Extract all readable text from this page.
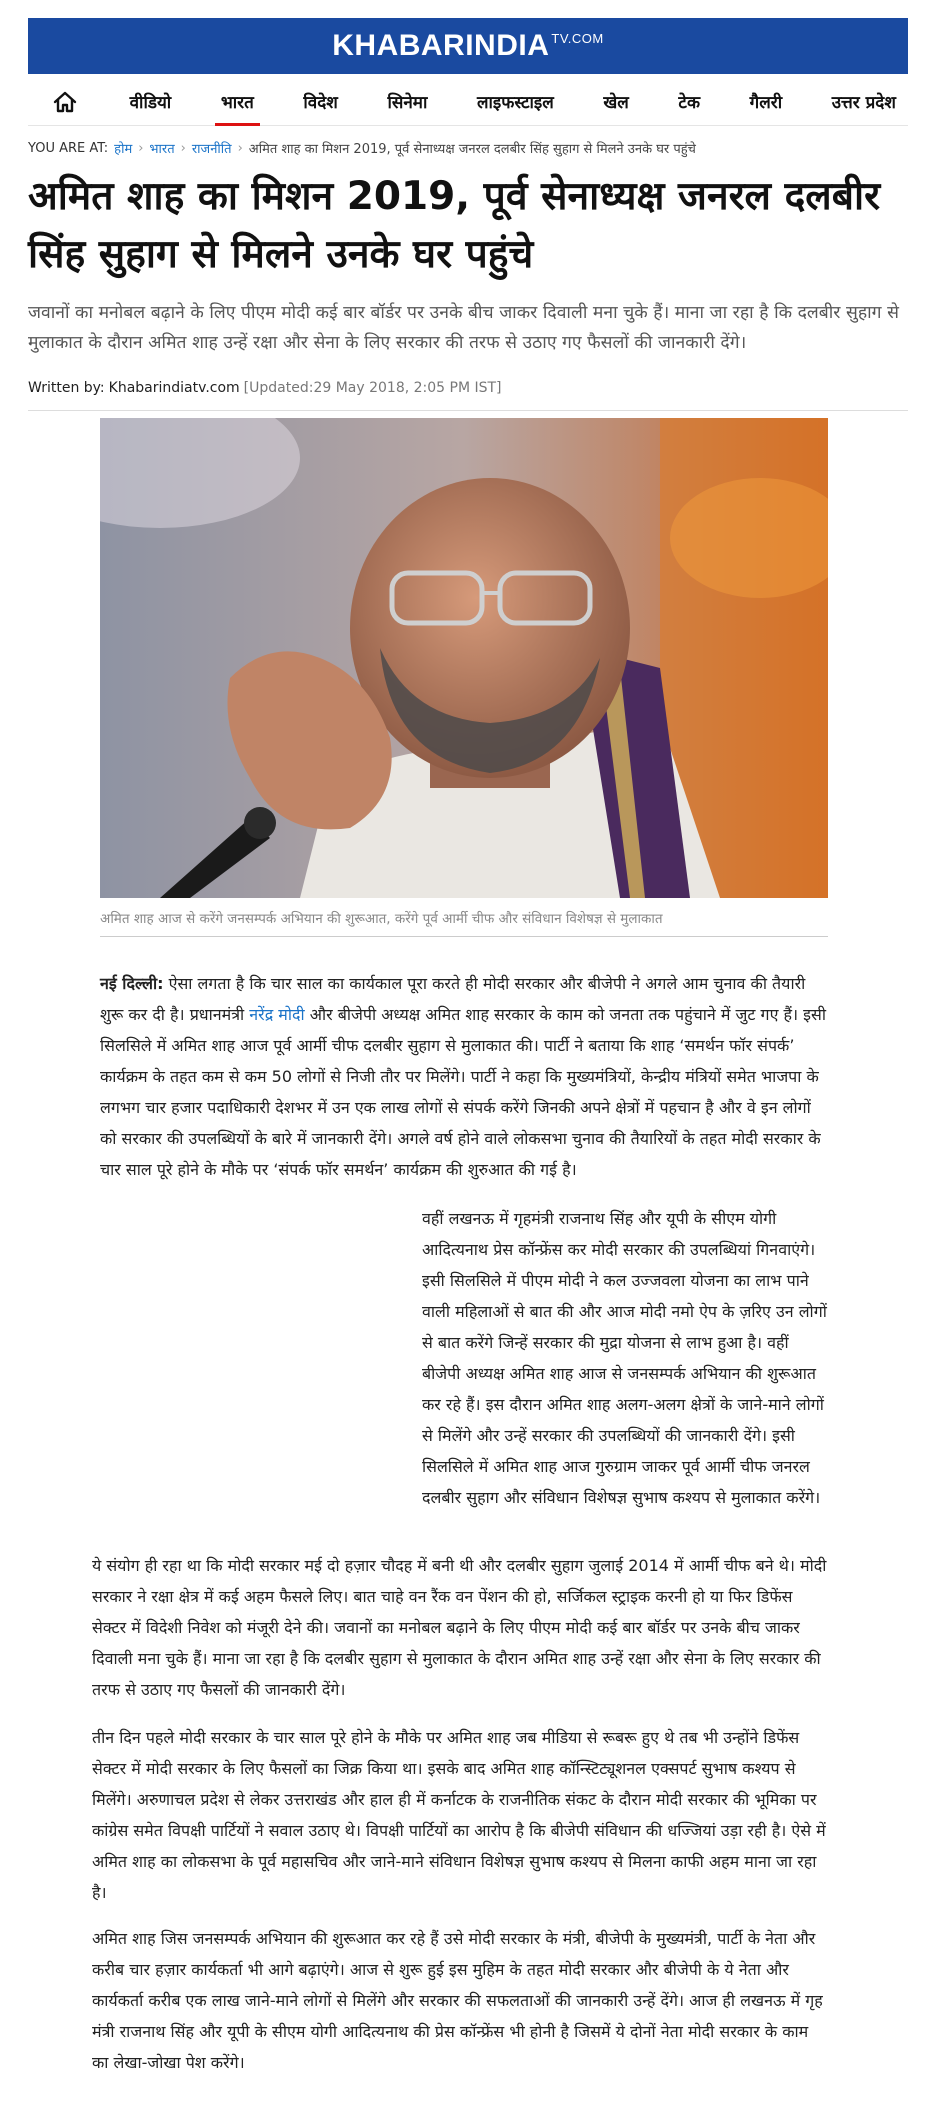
KHABARINDIA $^{TV.COM}$
वीडियो	भारत	विदेश	सिनेमा	लाइफस्टाइल	खेल	टेक	गैलरी	उत्तर प्रदेश
YOU ARE AT: होम › भारत › राजनीति › अमित शाह का मिशन 2019, पूर्व सेनाध्यक्ष जनरल दलबीर सिंह सुहाग से मिलने उनके घर पहुंचे
अमित शाह का मिशन 2019, पूर्व सेनाध्यक्ष जनरल दलबीर सिंह सुहाग से मिलने उनके घर पहुंचे

जवानों का मनोबल बढ़ाने के लिए पीएम मोदी कई बार बॉर्डर पर उनके बीच जाकर दिवाली मना चुके हैं। माना जा रहा है कि दलबीर सुहाग से मुलाकात के दौरान अमित शाह उन्हें रक्षा और सेना के लिए सरकार की तरफ से उठाए गए फैसलों की जानकारी देंगे।

Written by: Khabarindiatv.com [Updated:29 May 2018, 2:05 PM IST]
अमित शाह आज से करेंगे जनसम्पर्क अभियान की शुरूआत, करेंगे पूर्व आर्मी चीफ और संविधान विशेषज्ञ से मुलाकात

नई दिल्ली: ऐसा लगता है कि चार साल का कार्यकाल पूरा करते ही मोदी सरकार और बीजेपी ने अगले आम चुनाव की तैयारी शुरू कर दी है। प्रधानमंत्री नरेंद्र मोदी और बीजेपी अध्यक्ष अमित शाह सरकार के काम को जनता तक पहुंचाने में जुट गए हैं। इसी सिलसिले में अमित शाह आज पूर्व आर्मी चीफ दलबीर सुहाग से मुलाकात की। पार्टी ने बताया कि शाह ‘समर्थन फॉर संपर्क’ कार्यक्रम के तहत कम से कम 50 लोगों से निजी तौर पर मिलेंगे। पार्टी ने कहा कि मुख्यमंत्रियों, केन्द्रीय मंत्रियों समेत भाजपा के लगभग चार हजार पदाधिकारी देशभर में उन एक लाख लोगों से संपर्क करेंगे जिनकी अपने क्षेत्रों में पहचान है और वे इन लोगों को सरकार की उपलब्धियों के बारे में जानकारी देंगे। अगले वर्ष होने वाले लोकसभा चुनाव की तैयारियों के तहत मोदी सरकार के चार साल पूरे होने के मौके पर ‘संपर्क फॉर समर्थन’ कार्यक्रम की शुरुआत की गई है।

वहीं लखनऊ में गृहमंत्री राजनाथ सिंह और यूपी के सीएम योगी आदित्यनाथ प्रेस कॉन्फ्रेंस कर मोदी सरकार की उपलब्धियां गिनवाएंगे। इसी सिलसिले में पीएम मोदी ने कल उज्जवला योजना का लाभ पाने वाली महिलाओं से बात की और आज मोदी नमो ऐप के ज़रिए उन लोगों से बात करेंगे जिन्हें सरकार की मुद्रा योजना से लाभ हुआ है। वहीं बीजेपी अध्यक्ष अमित शाह आज से जनसम्पर्क अभियान की शुरूआत कर रहे हैं। इस दौरान अमित शाह अलग-अलग क्षेत्रों के जाने-माने लोगों से मिलेंगे और उन्हें सरकार की उपलब्धियों की जानकारी देंगे। इसी सिलसिले में अमित शाह आज गुरुग्राम जाकर पूर्व आर्मी चीफ जनरल दलबीर सुहाग और संविधान विशेषज्ञ सुभाष कश्यप से मुलाकात करेंगे।

ये संयोग ही रहा था कि मोदी सरकार मई दो हज़ार चौदह में बनी थी और दलबीर सुहाग जुलाई 2014 में आर्मी चीफ बने थे। मोदी सरकार ने रक्षा क्षेत्र में कई अहम फैसले लिए। बात चाहे वन रैंक वन पेंशन की हो, सर्जिकल स्ट्राइक करनी हो या फिर डिफेंस सेक्टर में विदेशी निवेश को मंजूरी देने की। जवानों का मनोबल बढ़ाने के लिए पीएम मोदी कई बार बॉर्डर पर उनके बीच जाकर दिवाली मना चुके हैं। माना जा रहा है कि दलबीर सुहाग से मुलाकात के दौरान अमित शाह उन्हें रक्षा और सेना के लिए सरकार की तरफ से उठाए गए फैसलों की जानकारी देंगे।

तीन दिन पहले मोदी सरकार के चार साल पूरे होने के मौके पर अमित शाह जब मीडिया से रूबरू हुए थे तब भी उन्होंने डिफेंस सेक्टर में मोदी सरकार के लिए फैसलों का जिक्र किया था। इसके बाद अमित शाह कॉन्स्टिट्यूशनल एक्सपर्ट सुभाष कश्यप से मिलेंगे। अरुणाचल प्रदेश से लेकर उत्तराखंड और हाल ही में कर्नाटक के राजनीतिक संकट के दौरान मोदी सरकार की भूमिका पर कांग्रेस समेत विपक्षी पार्टियों ने सवाल उठाए थे। विपक्षी पार्टियों का आरोप है कि बीजेपी संविधान की धज्जियां उड़ा रही है। ऐसे में अमित शाह का लोकसभा के पूर्व महासचिव और जाने-माने संविधान विशेषज्ञ सुभाष कश्यप से मिलना काफी अहम माना जा रहा है।

अमित शाह जिस जनसम्पर्क अभियान की शुरूआत कर रहे हैं उसे मोदी सरकार के मंत्री, बीजेपी के मुख्यमंत्री, पार्टी के नेता और करीब चार हज़ार कार्यकर्ता भी आगे बढ़ाएंगे। आज से शुरू हुई इस मुहिम के तहत मोदी सरकार और बीजेपी के ये नेता और कार्यकर्ता करीब एक लाख जाने-माने लोगों से मिलेंगे और सरकार की सफलताओं की जानकारी उन्हें देंगे। आज ही लखनऊ में गृह मंत्री राजनाथ सिंह और यूपी के सीएम योगी आदित्यनाथ की प्रेस कॉन्फ्रेंस भी होनी है जिसमें ये दोनों नेता मोदी सरकार के काम का लेखा-जोखा पेश करेंगे।
